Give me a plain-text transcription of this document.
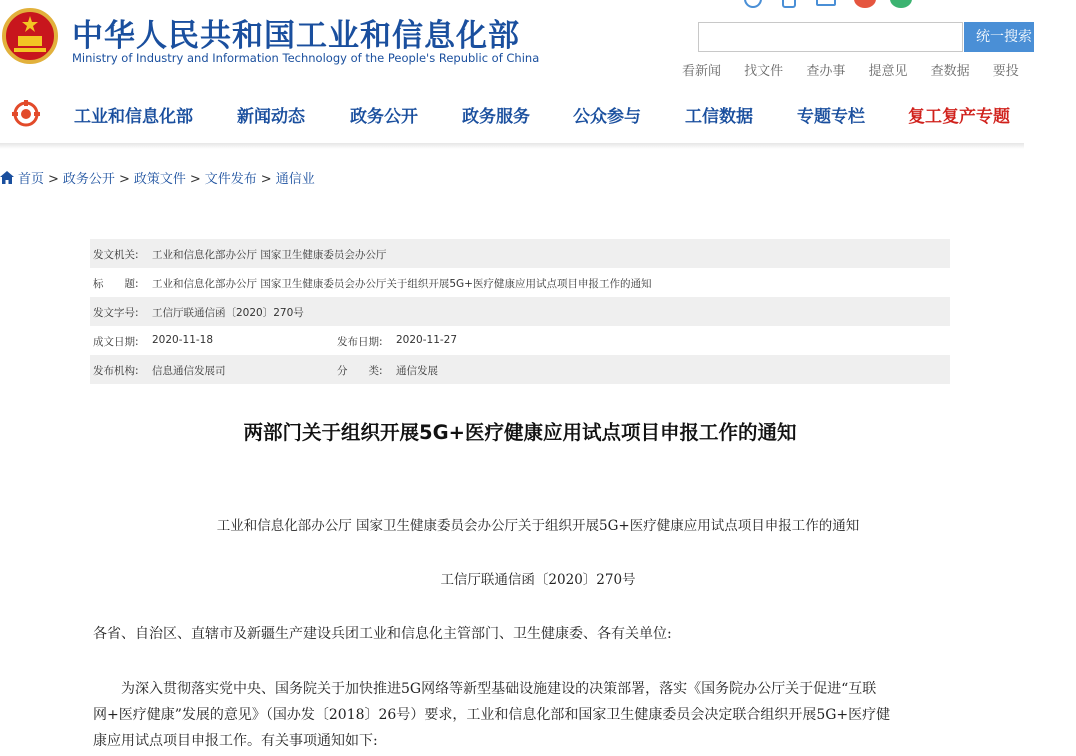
中华人民共和国工业和信息化部
Ministry of Industry and Information Technology of the People's Republic of China
统一搜索
看新闻 找文件 查办事 提意见 查数据 要投
工业和信息化部	新闻动态	政务公开	政务服务	公众参与	工信数据	专题专栏	复工复产专题
首页 > 政务公开 > 政策文件 > 文件发布 > 通信业
发文机关: 工业和信息化部办公厅 国家卫生健康委员会办公厅
标　　题: 工业和信息化部办公厅 国家卫生健康委员会办公厅关于组织开展5G+医疗健康应用试点项目申报工作的通知
发文字号: 工信厅联通信函〔2020〕270号
成文日期: 2020-11-18	发布日期: 2020-11-27
发布机构: 信息通信发展司	分　　类: 通信发展
两部门关于组织开展5G+医疗健康应用试点项目申报工作的通知
工业和信息化部办公厅 国家卫生健康委员会办公厅关于组织开展5G+医疗健康应用试点项目申报工作的通知
工信厅联通信函〔2020〕270号
各省、自治区、直辖市及新疆生产建设兵团工业和信息化主管部门、卫生健康委、各有关单位:
　　为深入贯彻落实党中央、国务院关于加快推进5G网络等新型基础设施建设的决策部署，落实《国务院办公厅关于促进“互联
网+医疗健康”发展的意见》（国办发〔2018〕26号）要求，工业和信息化部和国家卫生健康委员会决定联合组织开展5G+医疗健
康应用试点项目申报工作。有关事项通知如下:
